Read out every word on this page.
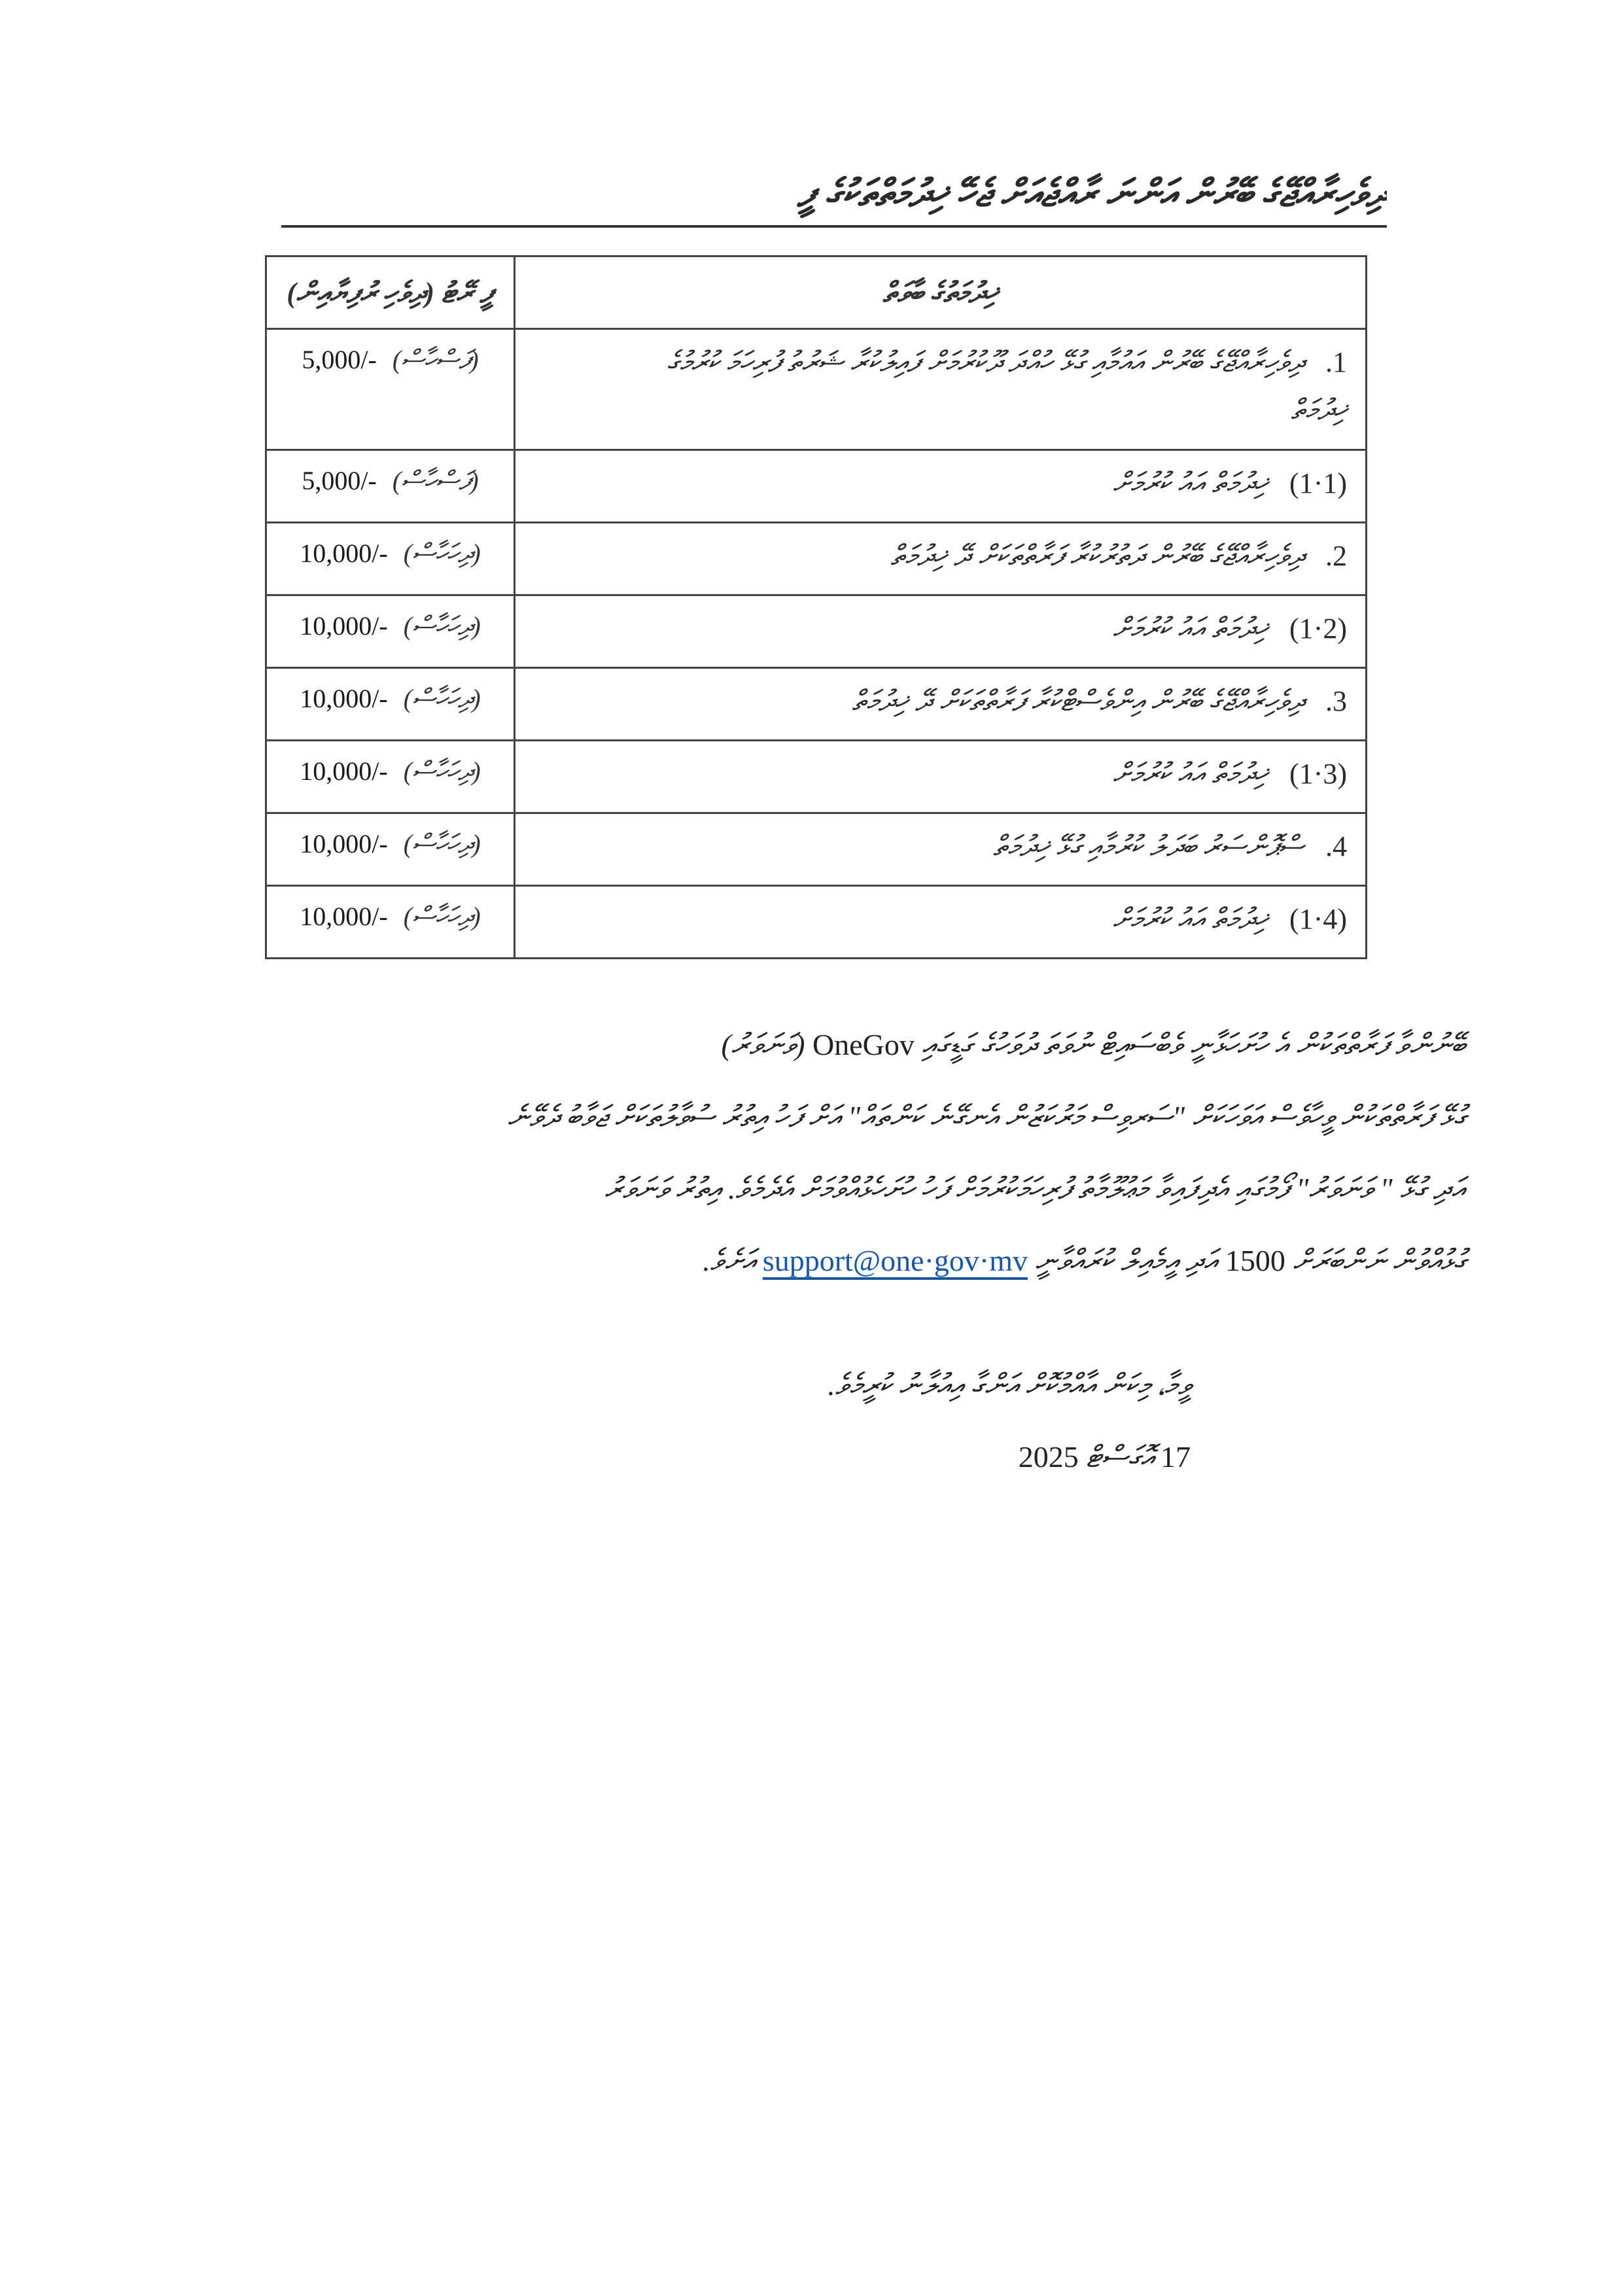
ދިވެހިރާއްޖޭގެ ބޭރުން އަންނަ ރާއްޖެއަށް ޖެހޭ ޚިދުމަތްތަކުގެ ފީ
ފީ ރޭޓު (ދިވެހި ރުފިޔާއިން)	ޚިދުމަތުގެ ބާވަތް
5,000/- (ފަސްހާސް)	1. ދިވެހިރާއްޖޭގެ ބޭރުން އައުމާއި ގުޅޭ ހުއްދަ ދޫކުރުމަށް ފައިލުކުރާ ޝަރުތު ފުރިހަމަ ކުރުމުގެ
ޚިދުމަތް

5,000/- (ފަސްހާސް)	(1·1) ޚިދުމަތް އައު ކުރުމަށް
10,000/- (ދިހަހާސް)	2. ދިވެހިރާއްޖޭގެ ބޭރުން ދަތުރުކުރާ ފަރާތްތަކަށް ދޭ ޚިދުމަތް
10,000/- (ދިހަހާސް)	(2·1) ޚިދުމަތް އައު ކުރުމަށް
10,000/- (ދިހަހާސް)	3. ދިވެހިރާއްޖޭގެ ބޭރުން އިންވެސްޓްކުރާ ފަރާތްތަކަށް ދޭ ޚިދުމަތް
10,000/- (ދިހަހާސް)	(3·1) ޚިދުމަތް އައު ކުރުމަށް
10,000/- (ދިހަހާސް)	4. ސްޕޮންސަރު ބަދަލު ކުރުމާއި ގުޅޭ ޚިދުމަތް
10,000/- (ދިހަހާސް)	(4·1) ޚިދުމަތް އައު ކުރުމަށް
ބޭނުންވާ ފަރާތްތަކުން އެ ހުށަހަޅާނީ ވެބްސައިޓް ނުވަތަ ދުވަހުގެ ގަޑީގައި OneGov (ވަނަވަރު)
ގުޅޭ ފަރާތްތަކުން ވީހާވެސް އަވަހަކަށް "ސަރވިސް މަރުކަޒުން އެނގޭނެ ކަންތައް" އަށް ފަހު އިތުރު ސުވާލުތަކަށް ޖަވާބު ދެވޭނެ
އަދި ގުޅޭ " ވަނަވަރު" ފޯމުގައި އެދިފައިވާ މަޢުލޫމާތު ފުރިހަމަކުރުމަށް ފަހު ހުށަހެޅުއްވުމަށް އެދެމެވެ. އިތުރު ވަނަވަރު
ގުޅުއްވުން ނަންބަރަށް 1500 އަދި އީމެއިލް ކުރައްވާނީ support@one·gov·mv އަށެވެ.
ވީމާ، މިކަން އާއްމުކޮށް އަންގާ އިއުލާނު ކުރީމެވެ.
17 އޮގަސްޓް 2025
